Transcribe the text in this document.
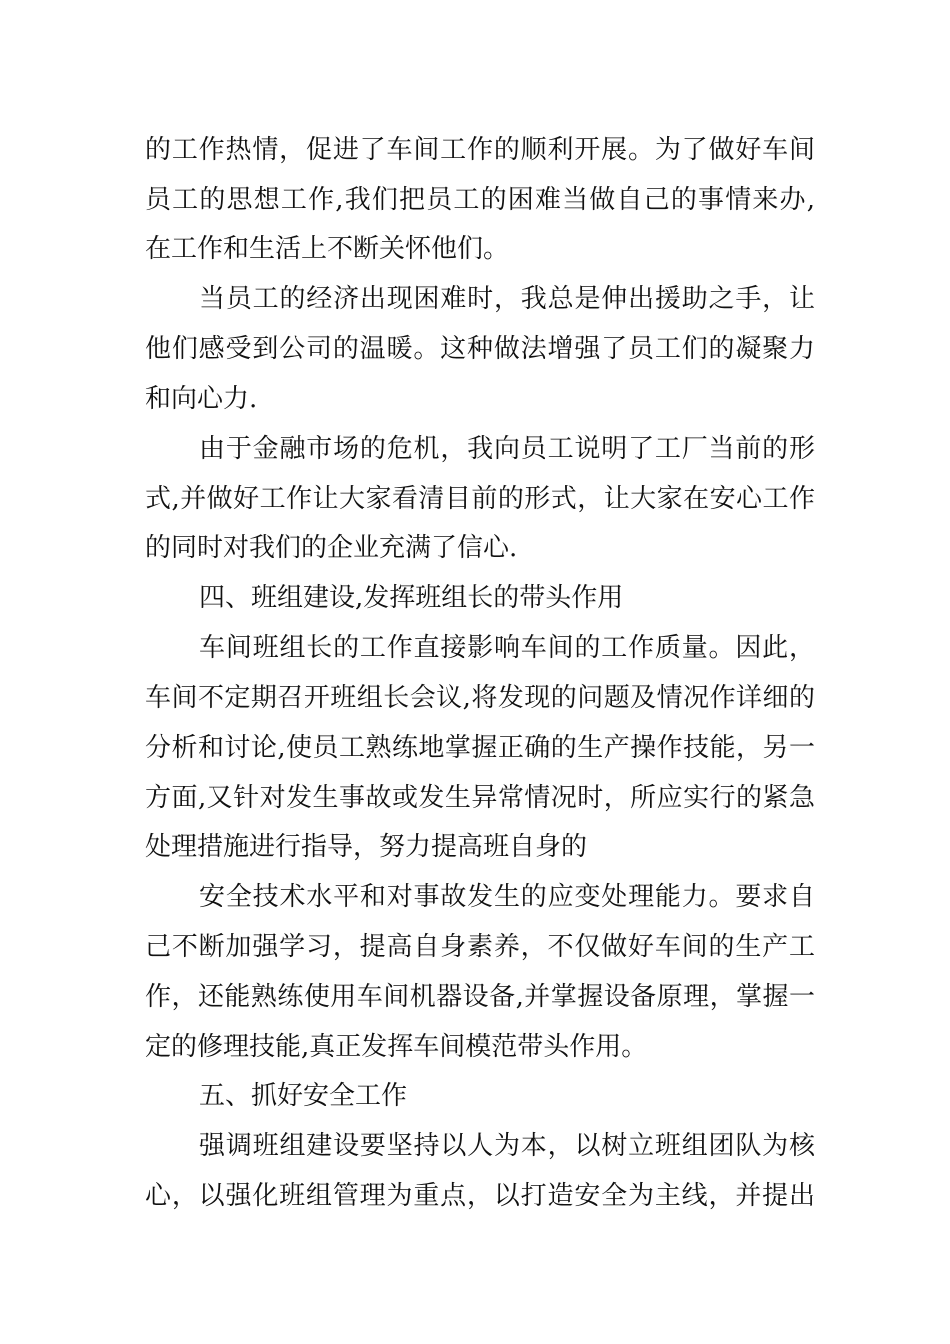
的工作热情，促进了车间工作的顺利开展。为了做好车间
员工的思想工作,我们把员工的困难当做自己的事情来办,
在工作和生活上不断关怀他们。
当员工的经济出现困难时，我总是伸出援助之手，让
他们感受到公司的温暖。这种做法增强了员工们的凝聚力
和向心力.
由于金融市场的危机，我向员工说明了工厂当前的形
式,并做好工作让大家看清目前的形式，让大家在安心工作
的同时对我们的企业充满了信心.
四、班组建设,发挥班组长的带头作用
车间班组长的工作直接影响车间的工作质量。因此，
车间不定期召开班组长会议,将发现的问题及情况作详细的
分析和讨论,使员工熟练地掌握正确的生产操作技能，另一
方面,又针对发生事故或发生异常情况时，所应实行的紧急
处理措施进行指导，努力提高班自身的
安全技术水平和对事故发生的应变处理能力。要求自
己不断加强学习，提高自身素养，不仅做好车间的生产工
作，还能熟练使用车间机器设备,并掌握设备原理，掌握一
定的修理技能,真正发挥车间模范带头作用。
五、抓好安全工作
强调班组建设要坚持以人为本，以树立班组团队为核
心，以强化班组管理为重点，以打造安全为主线，并提出
